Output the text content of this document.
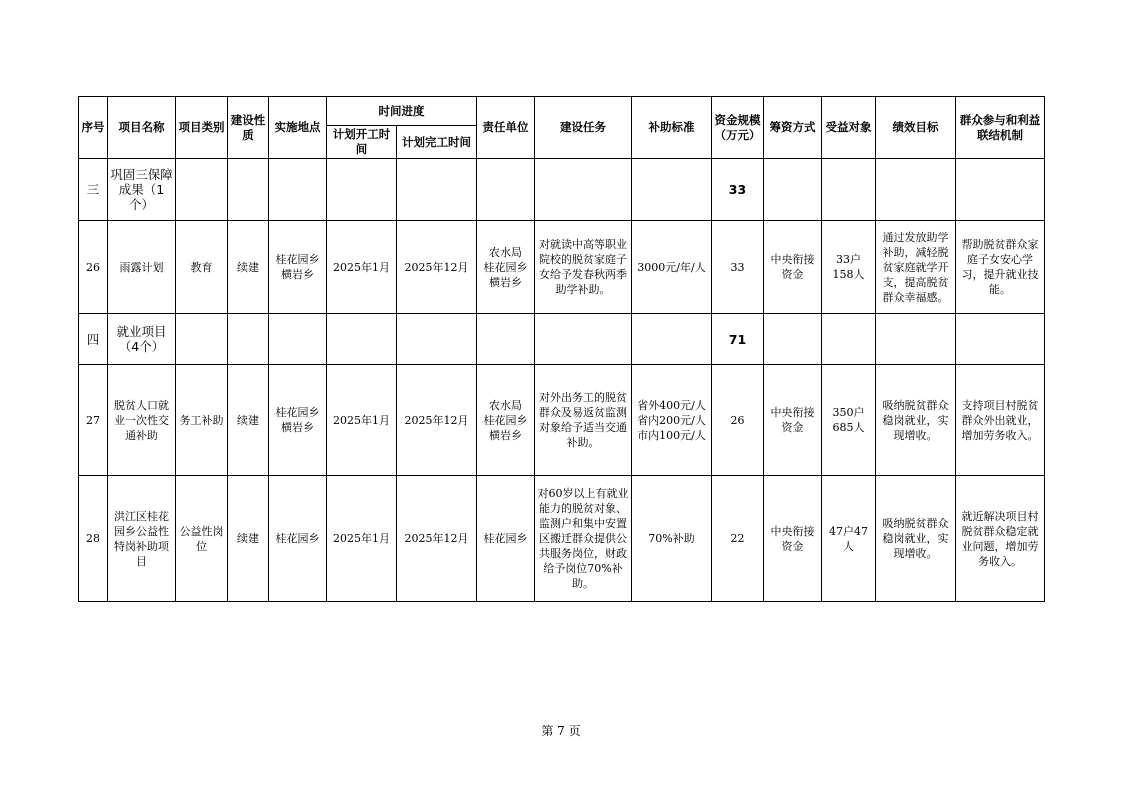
序号	项目名称	项目类别	建设性质	实施地点	时间进度		责任单位	建设任务	补助标准	资金规模（万元）	筹资方式	受益对象	绩效目标	群众参与和利益联结机制
					计划开工时间	计划完工时间								
三	巩固三保障成果（1个）									33				
26	雨露计划	教育	续建	桂花园乡横岩乡	2025年1月	2025年12月	农水局
桂花园乡
横岩乡	对就读中高等职业院校的脱贫家庭子女给予发春秋两季助学补助。	3000元/年/人	33	中央衔接资金	33户
158人	通过发放助学补助，减轻脱贫家庭就学开支，提高脱贫群众幸福感。	帮助脱贫群众家庭子女安心学习，提升就业技能。
四	就业项目（4个）									71				
27	脱贫人口就业一次性交通补助	务工补助	续建	桂花园乡横岩乡	2025年1月	2025年12月	农水局
桂花园乡
横岩乡	对外出务工的脱贫群众及易返贫监测对象给予适当交通补助。	省外400元/人
省内200元/人
市内100元/人	26	中央衔接资金	350户
685人	吸纳脱贫群众稳岗就业，实现增收。	支持项目村脱贫群众外出就业，增加劳务收入。
28	洪江区桂花园乡公益性特岗补助项目	公益性岗位	续建	桂花园乡	2025年1月	2025年12月	桂花园乡	对60岁以上有就业能力的脱贫对象、监测户和集中安置区搬迁群众提供公共服务岗位，财政给予岗位70%补助。	70%补助	22	中央衔接资金	47户47人	吸纳脱贫群众稳岗就业，实现增收。	就近解决项目村脱贫群众稳定就业问题，增加劳务收入。
第 7 页
